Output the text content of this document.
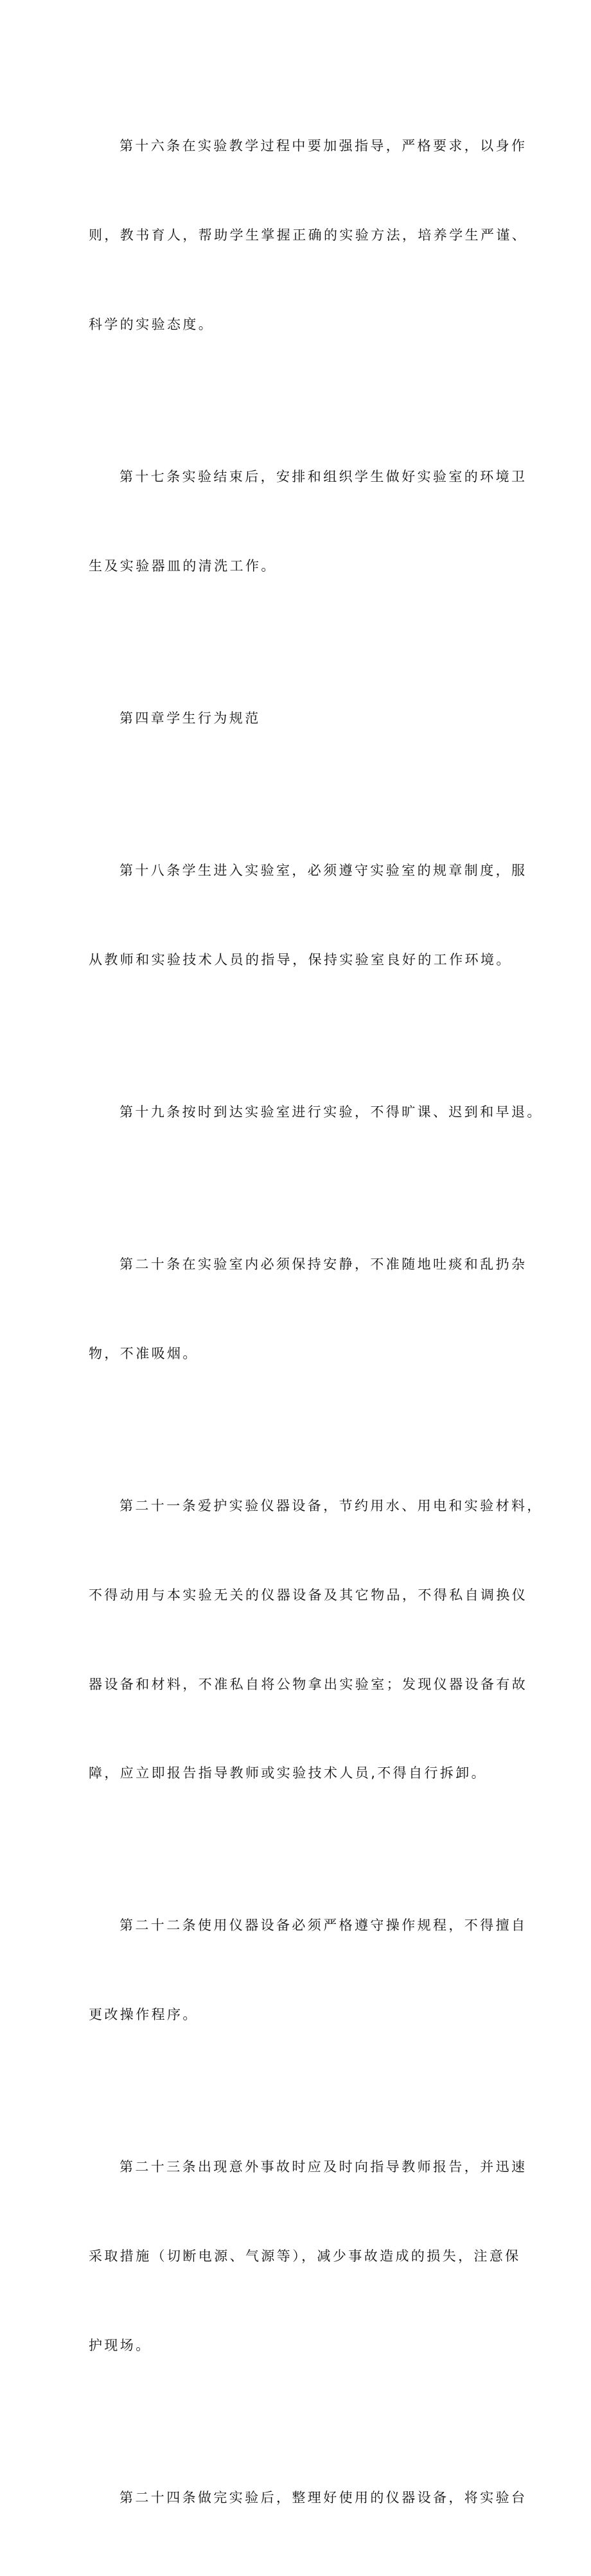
第十六条在实验教学过程中要加强指导，严格要求，以身作

则，教书育人，帮助学生掌握正确的实验方法，培养学生严谨、

科学的实验态度。

第十七条实验结束后，安排和组织学生做好实验室的环境卫

生及实验器皿的清洗工作。

第四章学生行为规范

第十八条学生进入实验室，必须遵守实验室的规章制度，服

从教师和实验技术人员的指导，保持实验室良好的工作环境。

第十九条按时到达实验室进行实验，不得旷课、迟到和早退。

第二十条在实验室内必须保持安静，不准随地吐痰和乱扔杂

物，不准吸烟。

第二十一条爱护实验仪器设备，节约用水、用电和实验材料，

不得动用与本实验无关的仪器设备及其它物品，不得私自调换仪

器设备和材料，不准私自将公物拿出实验室；发现仪器设备有故

障，应立即报告指导教师或实验技术人员,不得自行拆卸。

第二十二条使用仪器设备必须严格遵守操作规程，不得擅自

更改操作程序。

第二十三条出现意外事故时应及时向指导教师报告，并迅速

采取措施（切断电源、气源等），减少事故造成的损失，注意保

护现场。

第二十四条做完实验后，整理好使用的仪器设备，将实验台
